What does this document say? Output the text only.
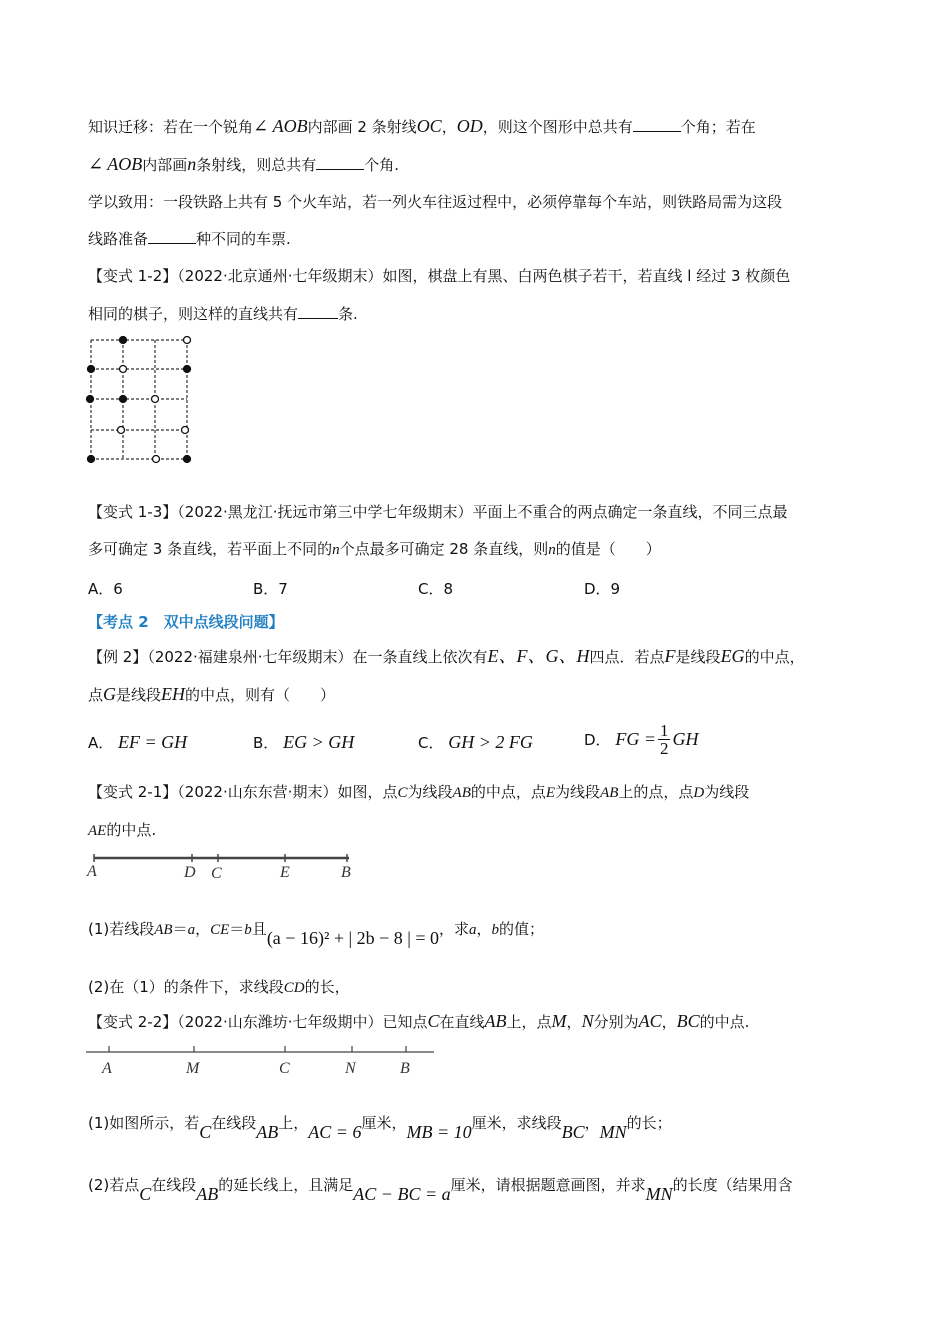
知识迁移：若在一个锐角∠ AOB内部画 2 条射线OC，OD，则这个图形中总共有	个角；若在
∠ AOB内部画n条射线，则总共有	个角.
学以致用：一段铁路上共有 5 个火车站，若一列火车往返过程中，必须停靠每个车站，则铁路局需为这段
线路准备	种不同的车票.
【变式 1-2】（2022·北京通州·七年级期末）如图，棋盘上有黑、白两色棋子若干，若直线 l 经过 3 枚颜色
相同的棋子，则这样的直线共有	条.
【变式 1-3】（2022·黑龙江·抚远市第三中学七年级期末）平面上不重合的两点确定一条直线，不同三点最
多可确定 3 条直线，若平面上不同的n个点最多可确定 28 条直线，则n的值是（　　）
A．6	B．7	C．8	D．9
【考点 2　双中点线段问题】
【例 2】（2022·福建泉州·七年级期末）在一条直线上依次有E、F、G、H四点．若点F是线段EG的中点，
点G是线段EH的中点，则有（　　）
A． EF = GH	B． EG > GH	C． GH > 2 FG	D．
FG = $\frac{1}{2}$ GH
【变式 2-1】（2022·山东东营·期末）如图，点C为线段AB的中点，点E为线段AB上的点，点D为线段
AE的中点.
A	D C	E	B
(1)若线段AB＝a，CE＝b且(a − 16)² + | 2b − 8 | = 0，求a，b的值；
(2)在（1）的条件下，求线段CD的长，
【变式 2-2】（2022·山东潍坊·七年级期中）已知点C在直线AB上，点M，N分别为AC，BC的中点.
A	M	C	N	B
(1)如图所示，若C在线段AB上，AC = 6厘米，MB = 10厘米，求线段BC，MN的长；
(2)若点C在线段AB的延长线上，且满足AC − BC = a厘米，请根据题意画图，并求MN的长度（结果用含
